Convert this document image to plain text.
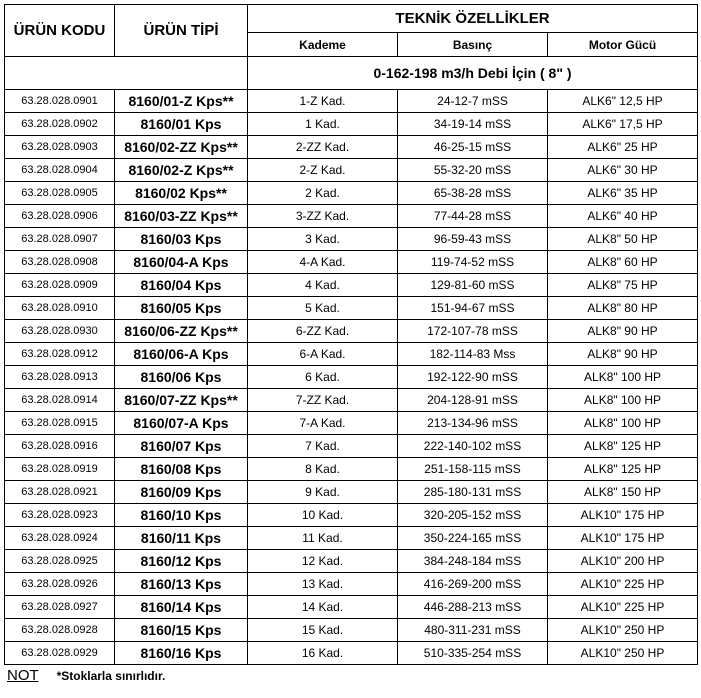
ÜRÜN KODU	ÜRÜN TİPİ	TEKNİK ÖZELLİKLER		
		Kademe	Basınç	Motor Gücü
		0-162-198 m3/h Debi İçin ( 8" )		
63.28.028.0901	8160/01-Z Kps**	1-Z Kad.	24-12-7 mSS	ALK6" 12,5 HP
63.28.028.0902	8160/01 Kps	1 Kad.	34-19-14 mSS	ALK6" 17,5 HP
63.28.028.0903	8160/02-ZZ Kps**	2-ZZ Kad.	46-25-15 mSS	ALK6" 25 HP
63.28.028.0904	8160/02-Z Kps**	2-Z Kad.	55-32-20 mSS	ALK6" 30 HP
63.28.028.0905	8160/02 Kps**	2 Kad.	65-38-28 mSS	ALK6" 35 HP
63.28.028.0906	8160/03-ZZ Kps**	3-ZZ Kad.	77-44-28 mSS	ALK6" 40 HP
63.28.028.0907	8160/03 Kps	3 Kad.	96-59-43 mSS	ALK8" 50 HP
63.28.028.0908	8160/04-A Kps	4-A Kad.	119-74-52 mSS	ALK8" 60 HP
63.28.028.0909	8160/04 Kps	4 Kad.	129-81-60 mSS	ALK8" 75 HP
63.28.028.0910	8160/05 Kps	5 Kad.	151-94-67 mSS	ALK8" 80 HP
63.28.028.0930	8160/06-ZZ Kps**	6-ZZ Kad.	172-107-78 mSS	ALK8" 90 HP
63.28.028.0912	8160/06-A Kps	6-A Kad.	182-114-83 Mss	ALK8" 90 HP
63.28.028.0913	8160/06 Kps	6 Kad.	192-122-90 mSS	ALK8" 100 HP
63.28.028.0914	8160/07-ZZ Kps**	7-ZZ Kad.	204-128-91 mSS	ALK8" 100 HP
63.28.028.0915	8160/07-A Kps	7-A Kad.	213-134-96 mSS	ALK8" 100 HP
63.28.028.0916	8160/07 Kps	7 Kad.	222-140-102 mSS	ALK8" 125 HP
63.28.028.0919	8160/08 Kps	8 Kad.	251-158-115 mSS	ALK8" 125 HP
63.28.028.0921	8160/09 Kps	9 Kad.	285-180-131 mSS	ALK8" 150 HP
63.28.028.0923	8160/10 Kps	10 Kad.	320-205-152 mSS	ALK10" 175 HP
63.28.028.0924	8160/11 Kps	11 Kad.	350-224-165 mSS	ALK10" 175 HP
63.28.028.0925	8160/12 Kps	12 Kad.	384-248-184 mSS	ALK10" 200 HP
63.28.028.0926	8160/13 Kps	13 Kad.	416-269-200 mSS	ALK10" 225 HP
63.28.028.0927	8160/14 Kps	14 Kad.	446-288-213 mSS	ALK10" 225 HP
63.28.028.0928	8160/15 Kps	15 Kad.	480-311-231 mSS	ALK10" 250 HP
63.28.028.0929	8160/16 Kps	16 Kad.	510-335-254 mSS	ALK10" 250 HP
NOT *Stoklarla sınırlıdır.
